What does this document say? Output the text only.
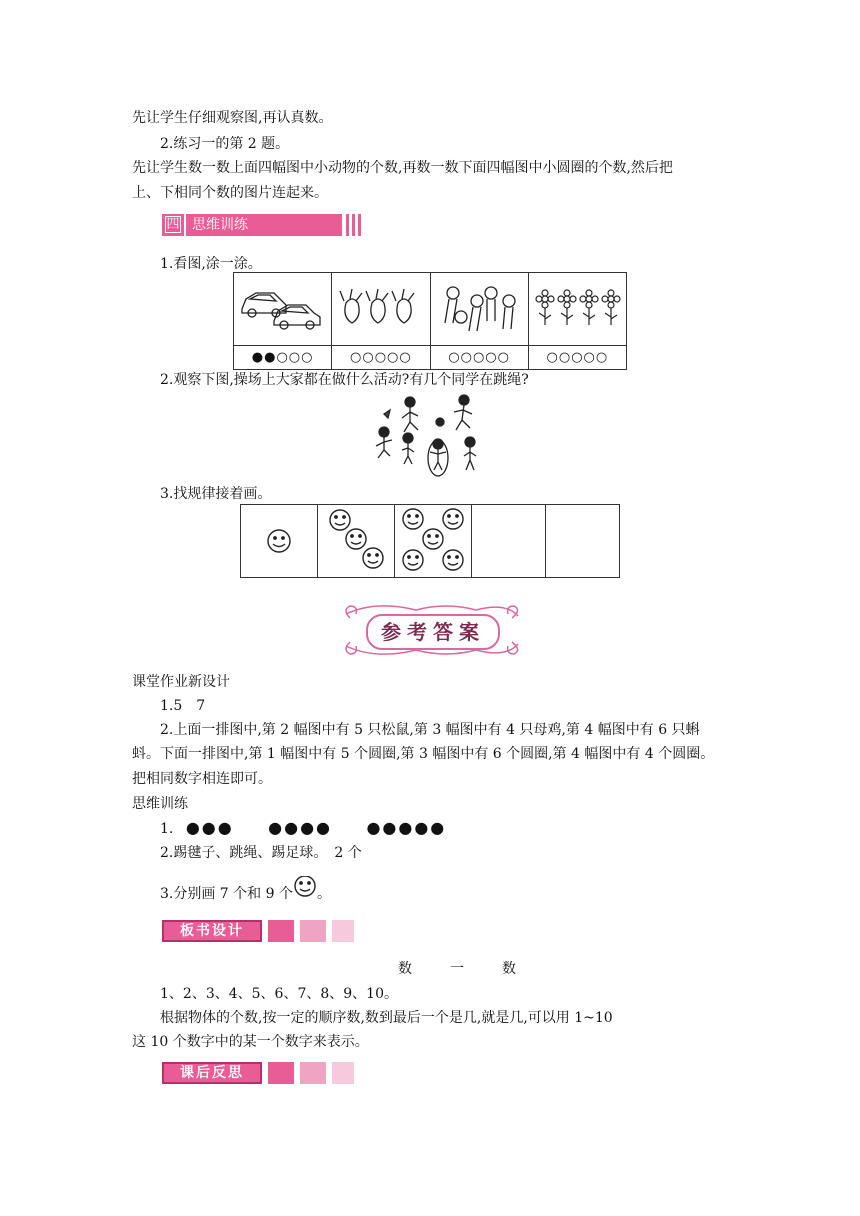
先让学生仔细观察图,再认真数。
2.练习一的第 2 题。
先让学生数一数上面四幅图中小动物的个数,再数一数下面四幅图中小圆圈的个数,然后把
上、下相同个数的图片连起来。
四 思维训练
1.看图,涂一涂。

●●○○○	○○○○○	○○○○○	○○○○○
2.观察下图,操场上大家都在做什么活动?有几个同学在跳绳?
3.找规律接着画。

参考答案
课堂作业新设计
1.5　7
2.上面一排图中,第 2 幅图中有 5 只松鼠,第 3 幅图中有 4 只母鸡,第 4 幅图中有 6 只蝌
蚪。下面一排图中,第 1 幅图中有 5 个圆圈,第 3 幅图中有 6 个圆圈,第 4 幅图中有 4 个圆圈。
把相同数字相连即可。
思维训练
1. ●●● ●●●● ●●●●●
2.踢毽子、跳绳、踢足球。　2 个
3.分别画 7 个和 9 个 。
板书设计
数　一　数
1、2、3、4、5、6、7、8、9、10。
根据物体的个数,按一定的顺序数,数到最后一个是几,就是几,可以用 1~10
这 10 个数字中的某一个数字来表示。
课后反思
